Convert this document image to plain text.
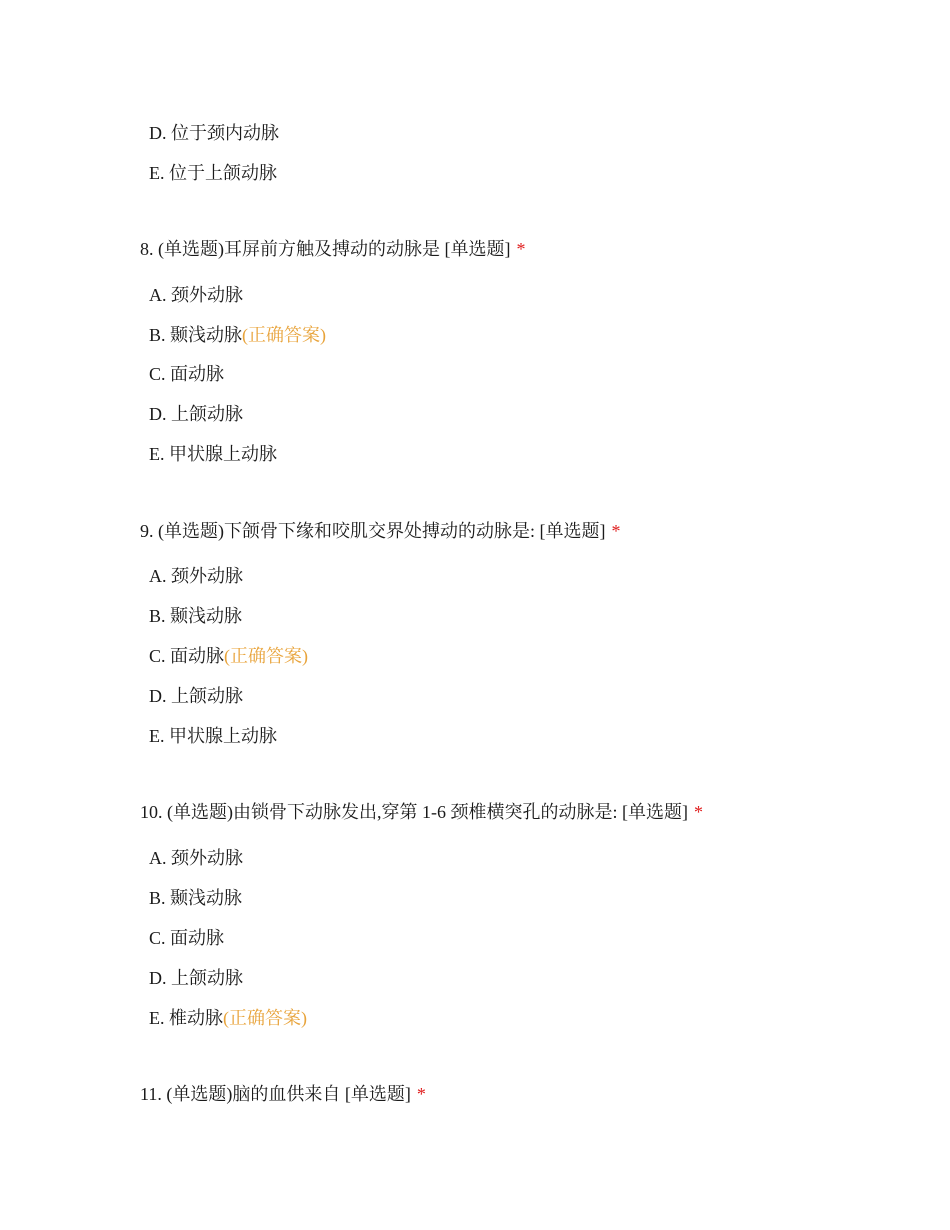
D. 位于颈内动脉
E. 位于上颌动脉
8. (单选题)耳屏前方触及搏动的动脉是 [单选题] *
A. 颈外动脉
B. 颞浅动脉(正确答案)
C. 面动脉
D. 上颌动脉
E. 甲状腺上动脉
9. (单选题)下颌骨下缘和咬肌交界处搏动的动脉是: [单选题] *
A. 颈外动脉
B. 颞浅动脉
C. 面动脉(正确答案)
D. 上颌动脉
E. 甲状腺上动脉
10. (单选题)由锁骨下动脉发出,穿第 1-6 颈椎横突孔的动脉是: [单选题] *
A. 颈外动脉
B. 颞浅动脉
C. 面动脉
D. 上颌动脉
E. 椎动脉(正确答案)
11. (单选题)脑的血供来自 [单选题] *
